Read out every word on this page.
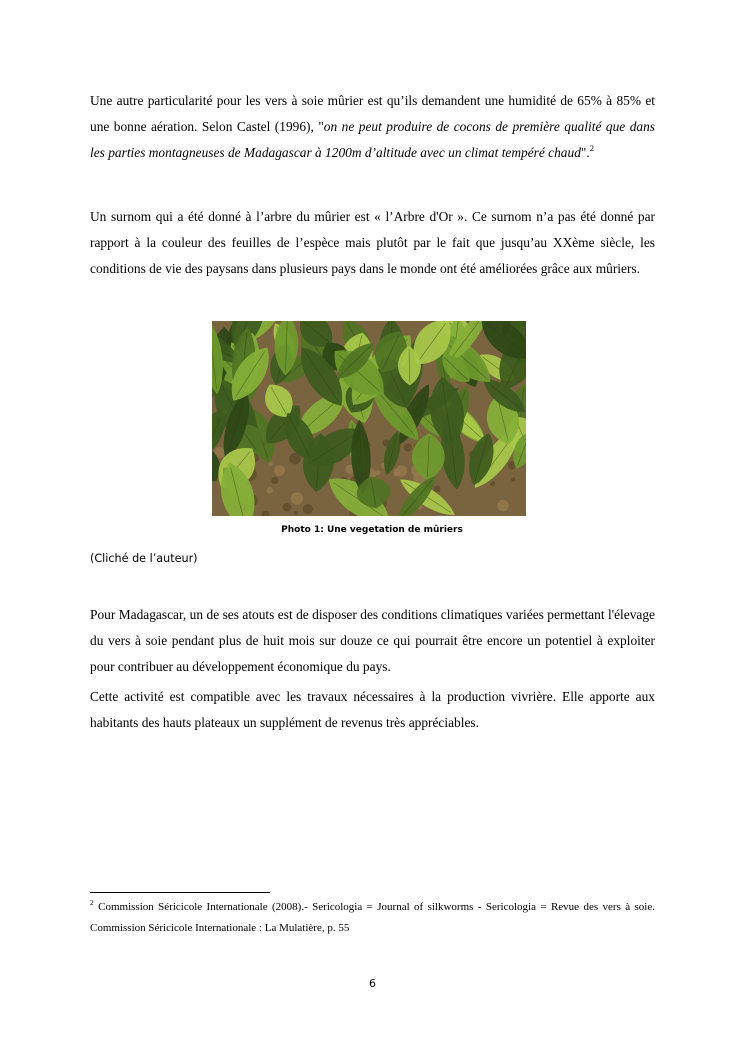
Une autre particularité pour les vers à soie mûrier est qu’ils demandent une humidité de 65% à 85% et une bonne aération. Selon Castel (1996), "on ne peut produire de cocons de première qualité que dans les parties montagneuses de Madagascar à 1200m d’altitude avec un climat tempéré chaud".$^2$

Un surnom qui a été donné à l’arbre du mûrier est « l’Arbre d'Or ». Ce surnom n’a pas été donné par rapport à la couleur des feuilles de l’espèce mais plutôt par le fait que jusqu’au XXème siècle, les conditions de vie des paysans dans plusieurs pays dans le monde ont été améliorées grâce aux mûriers.

Photo 1: Une vegetation de mûriers
(Cliché de l’auteur)

Pour Madagascar, un de ses atouts est de disposer des conditions climatiques variées permettant l'élevage du vers à soie pendant plus de huit mois sur douze ce qui pourrait être encore un potentiel à exploiter pour contribuer au développement économique du pays.

Cette activité est compatible avec les travaux nécessaires à la production vivrière. Elle apporte aux habitants des hauts plateaux un supplément de revenus très appréciables.

$^2$ Commission Séricicole Internationale (2008).- Sericologia = Journal of silkworms - Sericologia = Revue des vers à soie. Commission Séricicole Internationale : La Mulatière, p. 55

6
